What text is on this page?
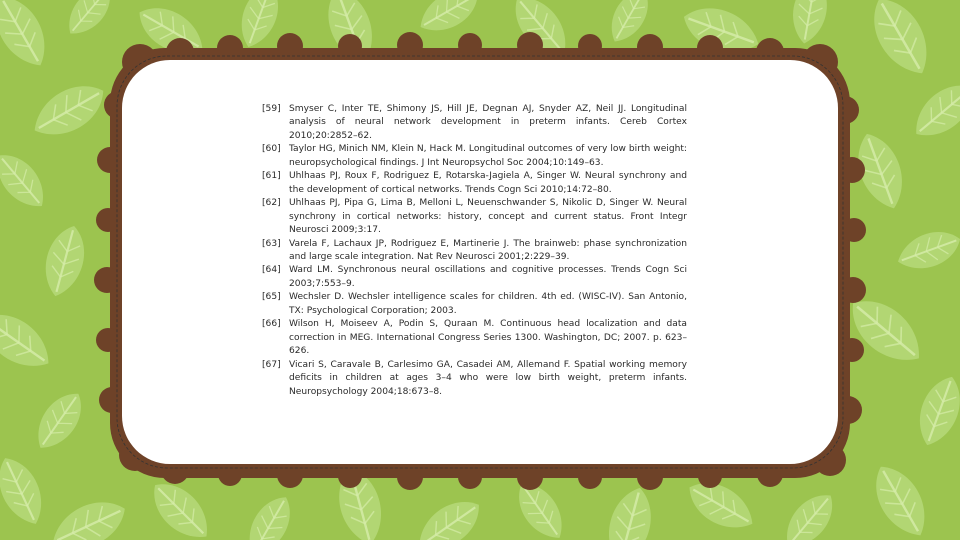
[59] Smyser C, Inter TE, Shimony JS, Hill JE, Degnan AJ, Snyder AZ, Neil JJ. Longitudinal analysis of neural network development in preterm infants. Cereb Cortex 2010;20:2852–62.
[60] Taylor HG, Minich NM, Klein N, Hack M. Longitudinal outcomes of very low birth weight: neuropsychological findings. J Int Neuropsychol Soc 2004;10:149–63.
[61] Uhlhaas PJ, Roux F, Rodriguez E, Rotarska-Jagiela A, Singer W. Neural synchrony and the development of cortical networks. Trends Cogn Sci 2010;14:72–80.
[62] Uhlhaas PJ, Pipa G, Lima B, Melloni L, Neuenschwander S, Nikolic D, Singer W. Neural synchrony in cortical networks: history, concept and current status. Front Integr Neurosci 2009;3:17.
[63] Varela F, Lachaux JP, Rodriguez E, Martinerie J. The brainweb: phase synchronization and large scale integration. Nat Rev Neurosci 2001;2:229–39.
[64] Ward LM. Synchronous neural oscillations and cognitive processes. Trends Cogn Sci 2003;7:553–9.
[65] Wechsler D. Wechsler intelligence scales for children. 4th ed. (WISC-IV). San Antonio, TX: Psychological Corporation; 2003.
[66] Wilson H, Moiseev A, Podin S, Quraan M. Continuous head localization and data correction in MEG. International Congress Series 1300. Washington, DC; 2007. p. 623–626.
[67] Vicari S, Caravale B, Carlesimo GA, Casadei AM, Allemand F. Spatial working memory deficits in children at ages 3–4 who were low birth weight, preterm infants. Neuropsychology 2004;18:673–8.
